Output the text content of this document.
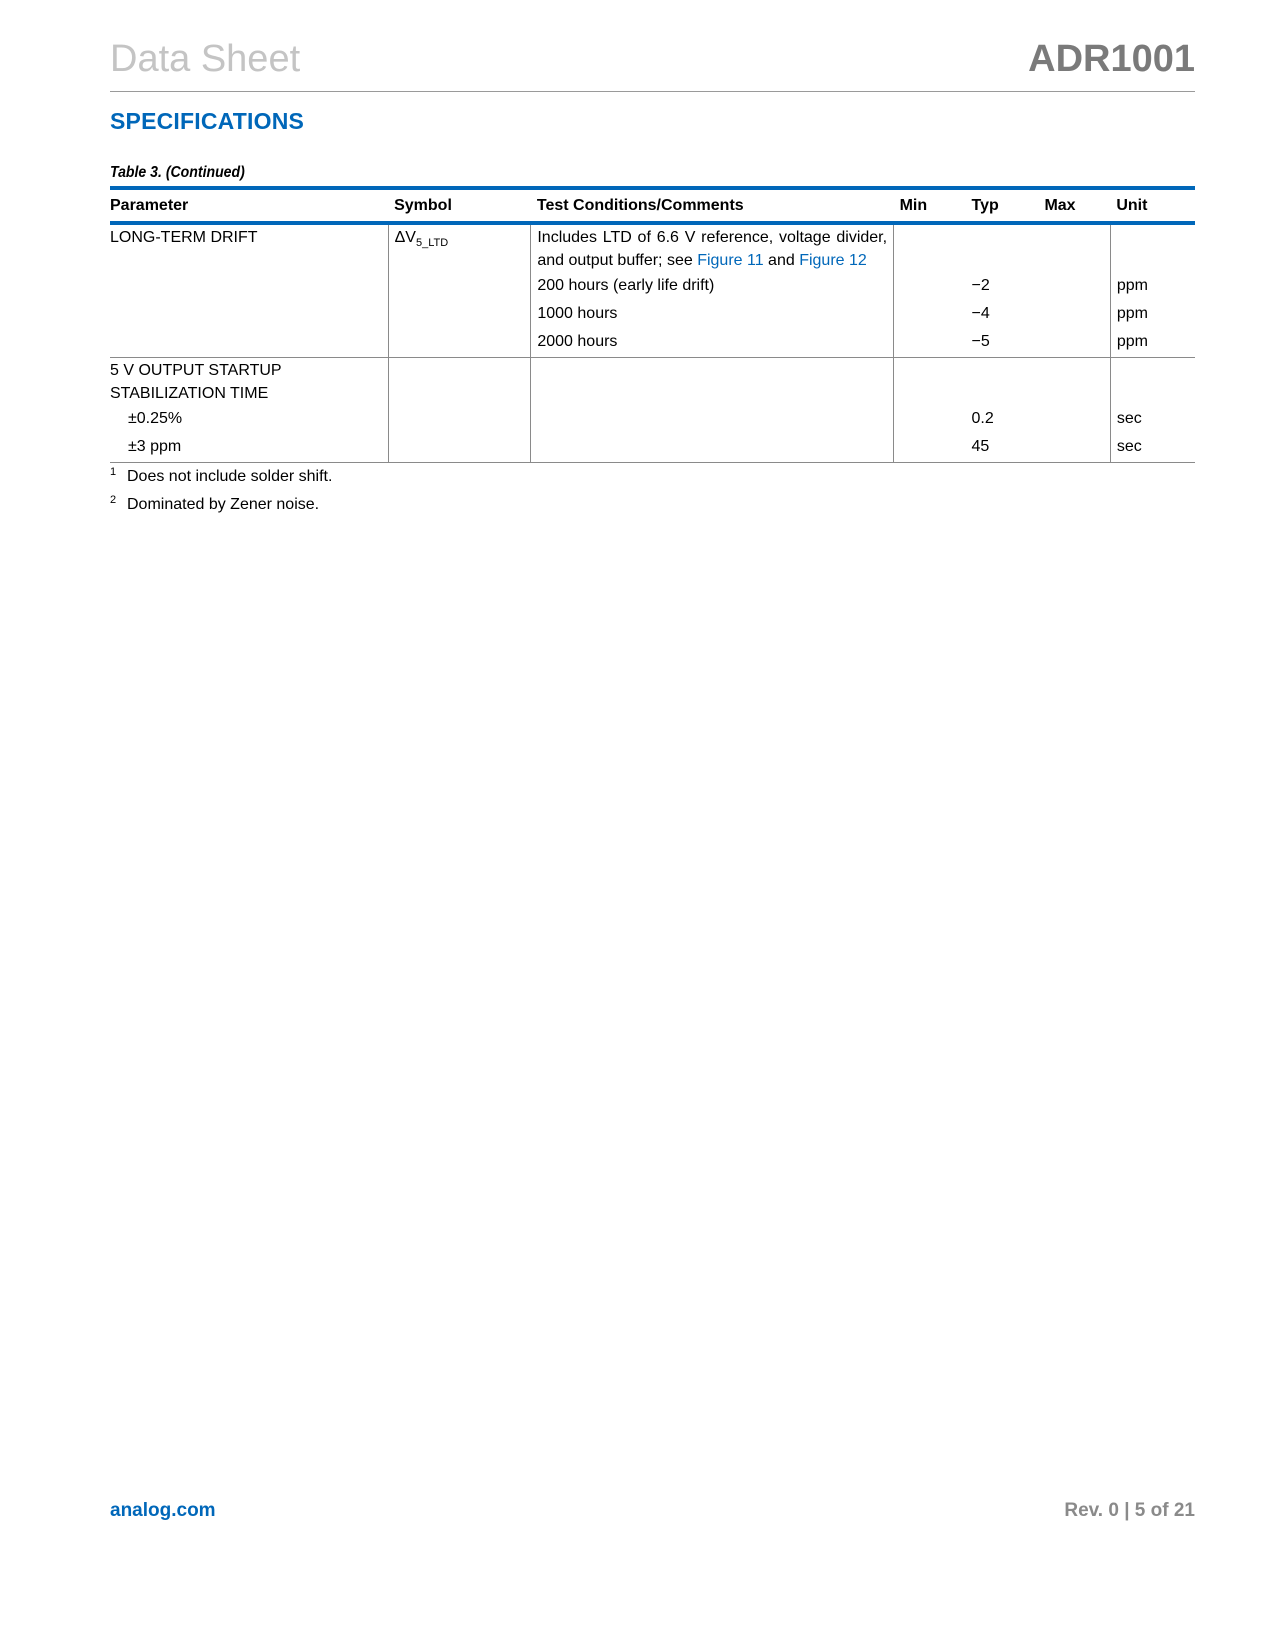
Data Sheet	ADR1001
SPECIFICATIONS
Table 3. (Continued)
Parameter	Symbol	Test Conditions/Comments	Min	Typ	Max	Unit
LONG-TERM DRIFT	$\Delta V_{5\_LTD}$	Includes LTD of 6.6 V reference, voltage divider, and output buffer; see Figure 11 and Figure 12				
		200 hours (early life drift)		−2		ppm
		1000 hours		−4		ppm
		2000 hours		−5		ppm
5 V OUTPUT STARTUP STABILIZATION TIME						
±0.25%				0.2		sec
±3 ppm				45		sec
1 Does not include solder shift.
2 Dominated by Zener noise.
analog.com	Rev. 0 | 5 of 21
